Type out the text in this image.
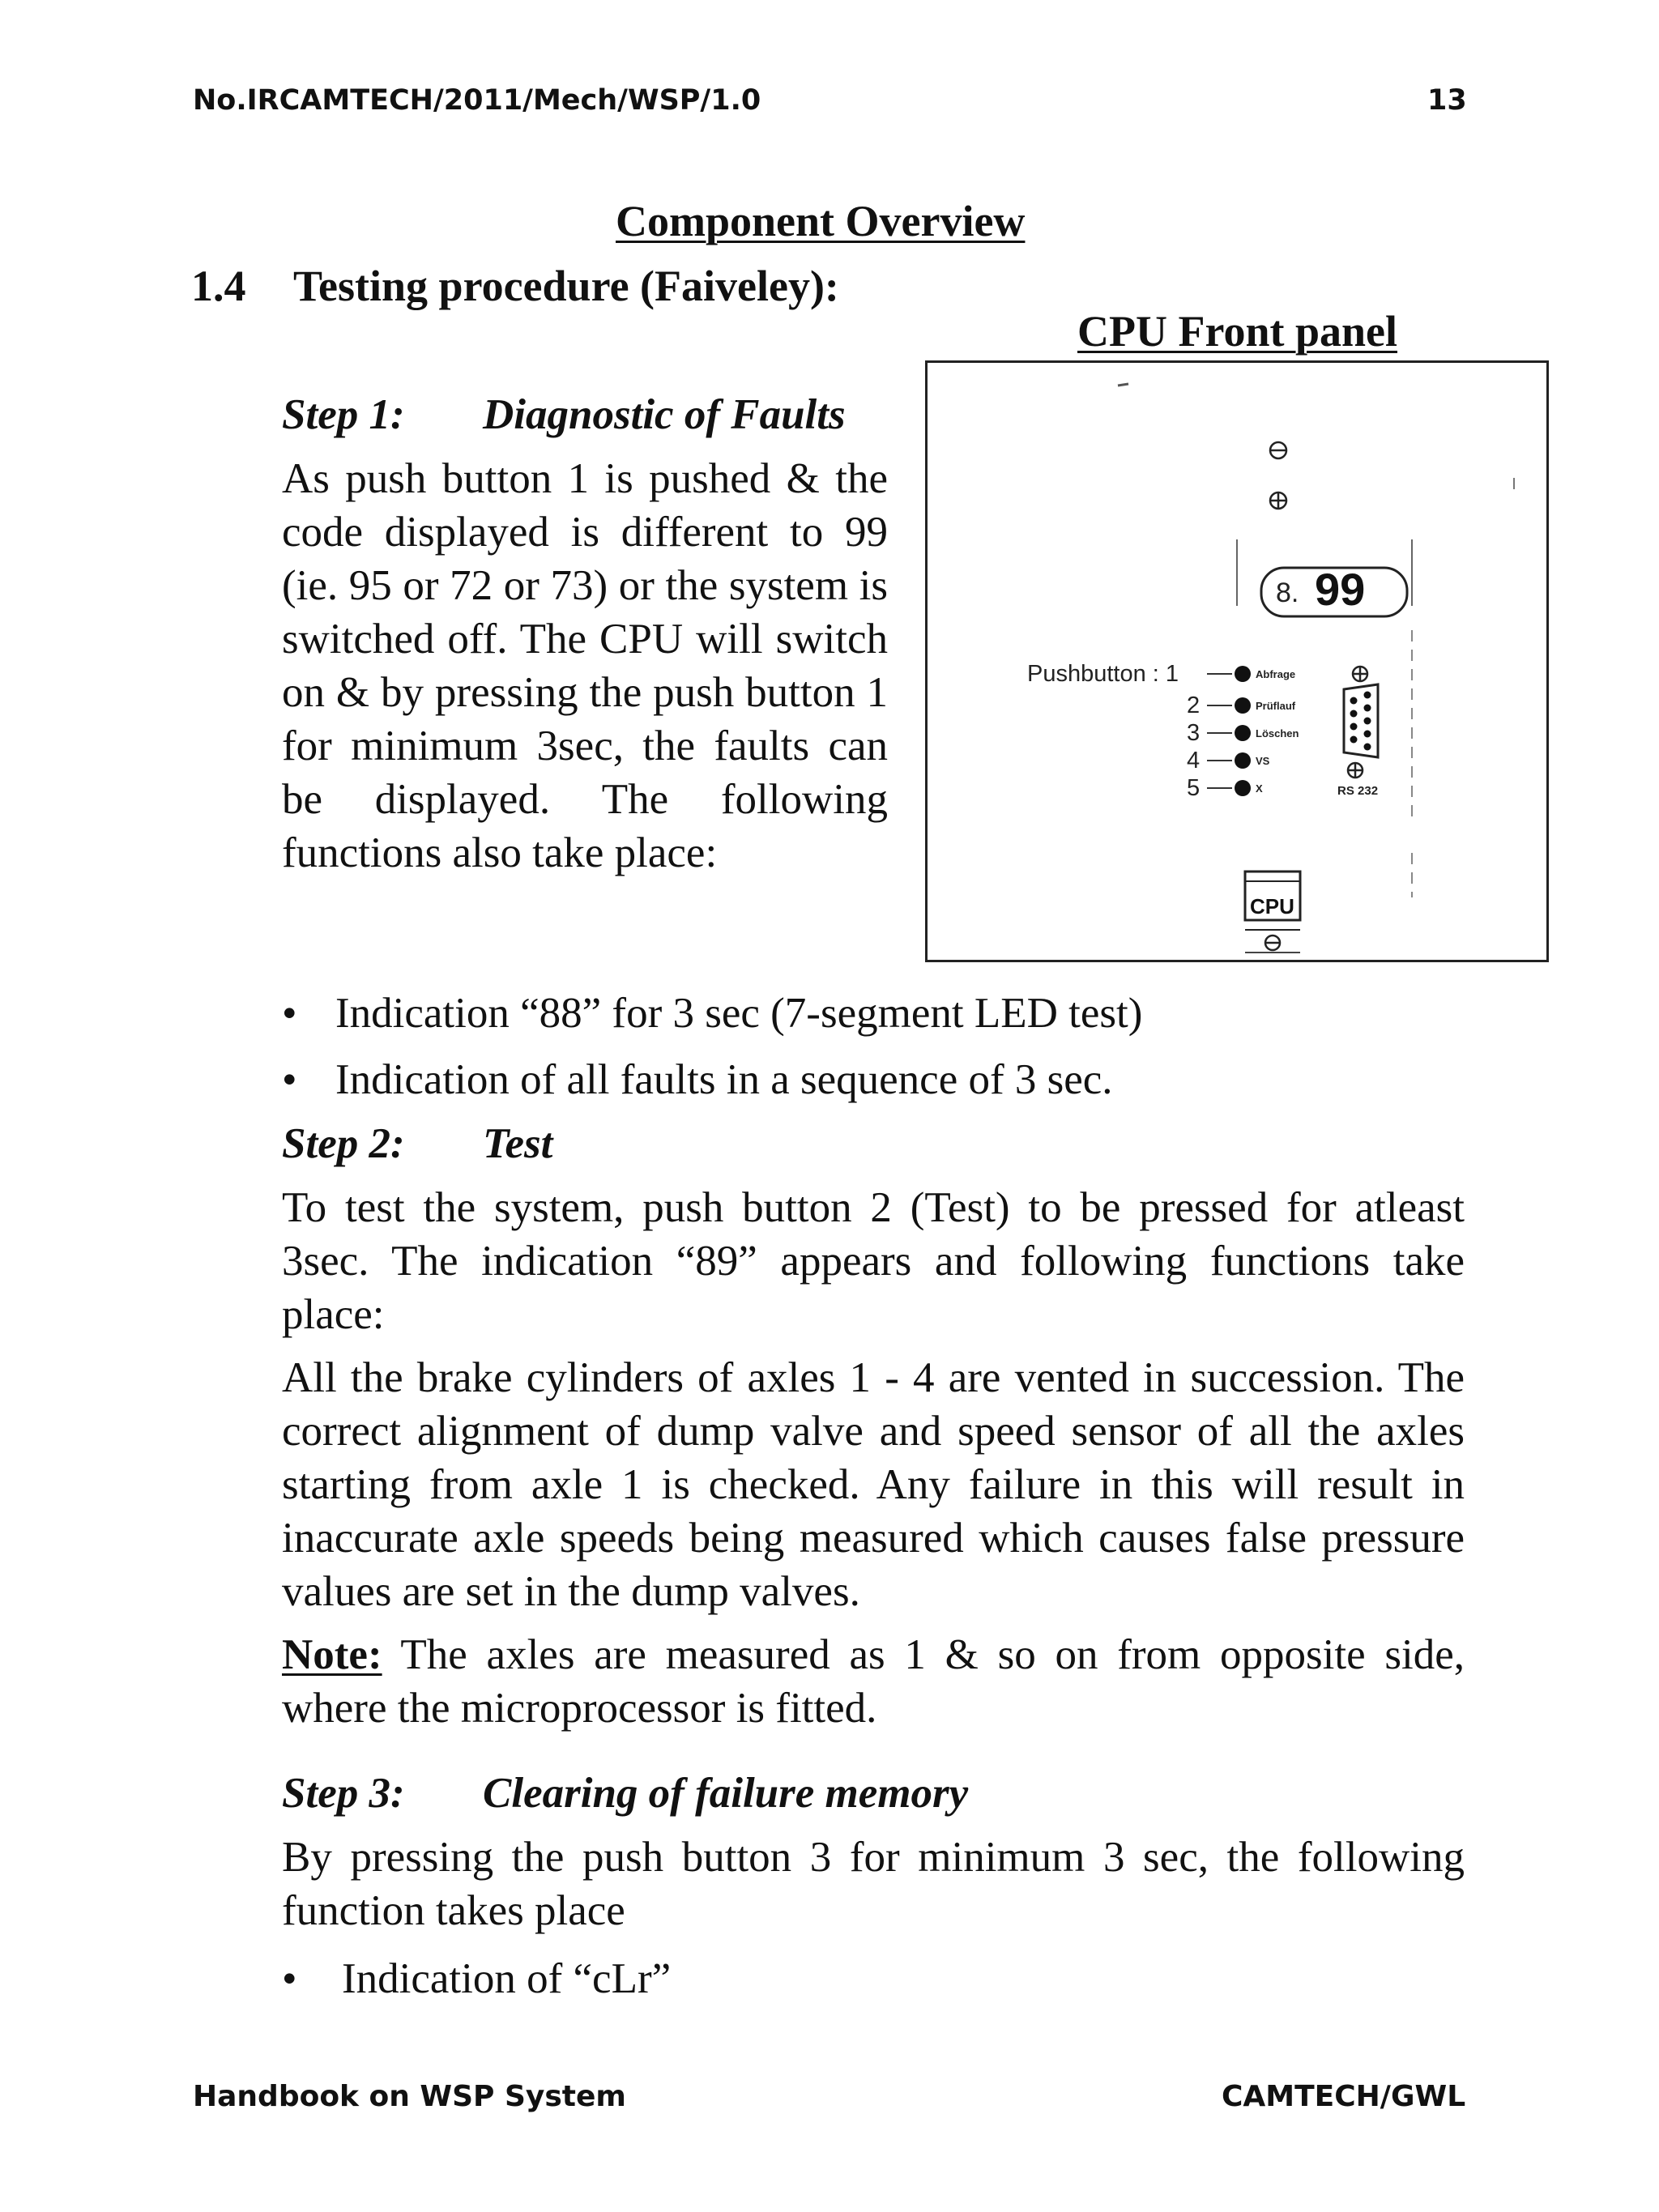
No.IRCAMTECH/2011/Mech/WSP/1.0	13
Component Overview
1.4 Testing procedure (Faiveley):
CPU Front panel
8. 99
Pushbutton : 1
2
3
4
5
Abfrage
Prüflauf
Löschen
VS
X	RS 232
CPU
Step 1: Diagnostic of Faults
As push button 1 is pushed & the code displayed is different to 99 (ie. 95 or 72 or 73) or the system is switched off. The CPU will switch on & by pressing the push button 1 for minimum 3sec, the faults can be displayed. The following functions also take place:
• Indication “88” for 3 sec (7-segment LED test)
• Indication of all faults in a sequence of 3 sec.
Step 2: Test
To test the system, push button 2 (Test) to be pressed for atleast 3sec. The indication “89” appears and following functions take place:
All the brake cylinders of axles 1 - 4 are vented in succession. The correct alignment of dump valve and speed sensor of all the axles starting from axle 1 is checked. Any failure in this will result in inaccurate axle speeds being measured which causes false pressure values are set in the dump valves.
Note: The axles are measured as 1 & so on from opposite side, where the microprocessor is fitted.
Step 3: Clearing of failure memory
By pressing the push button 3 for minimum 3 sec, the following function takes place
• Indication of “cLr”
Handbook on WSP System	CAMTECH/GWL
